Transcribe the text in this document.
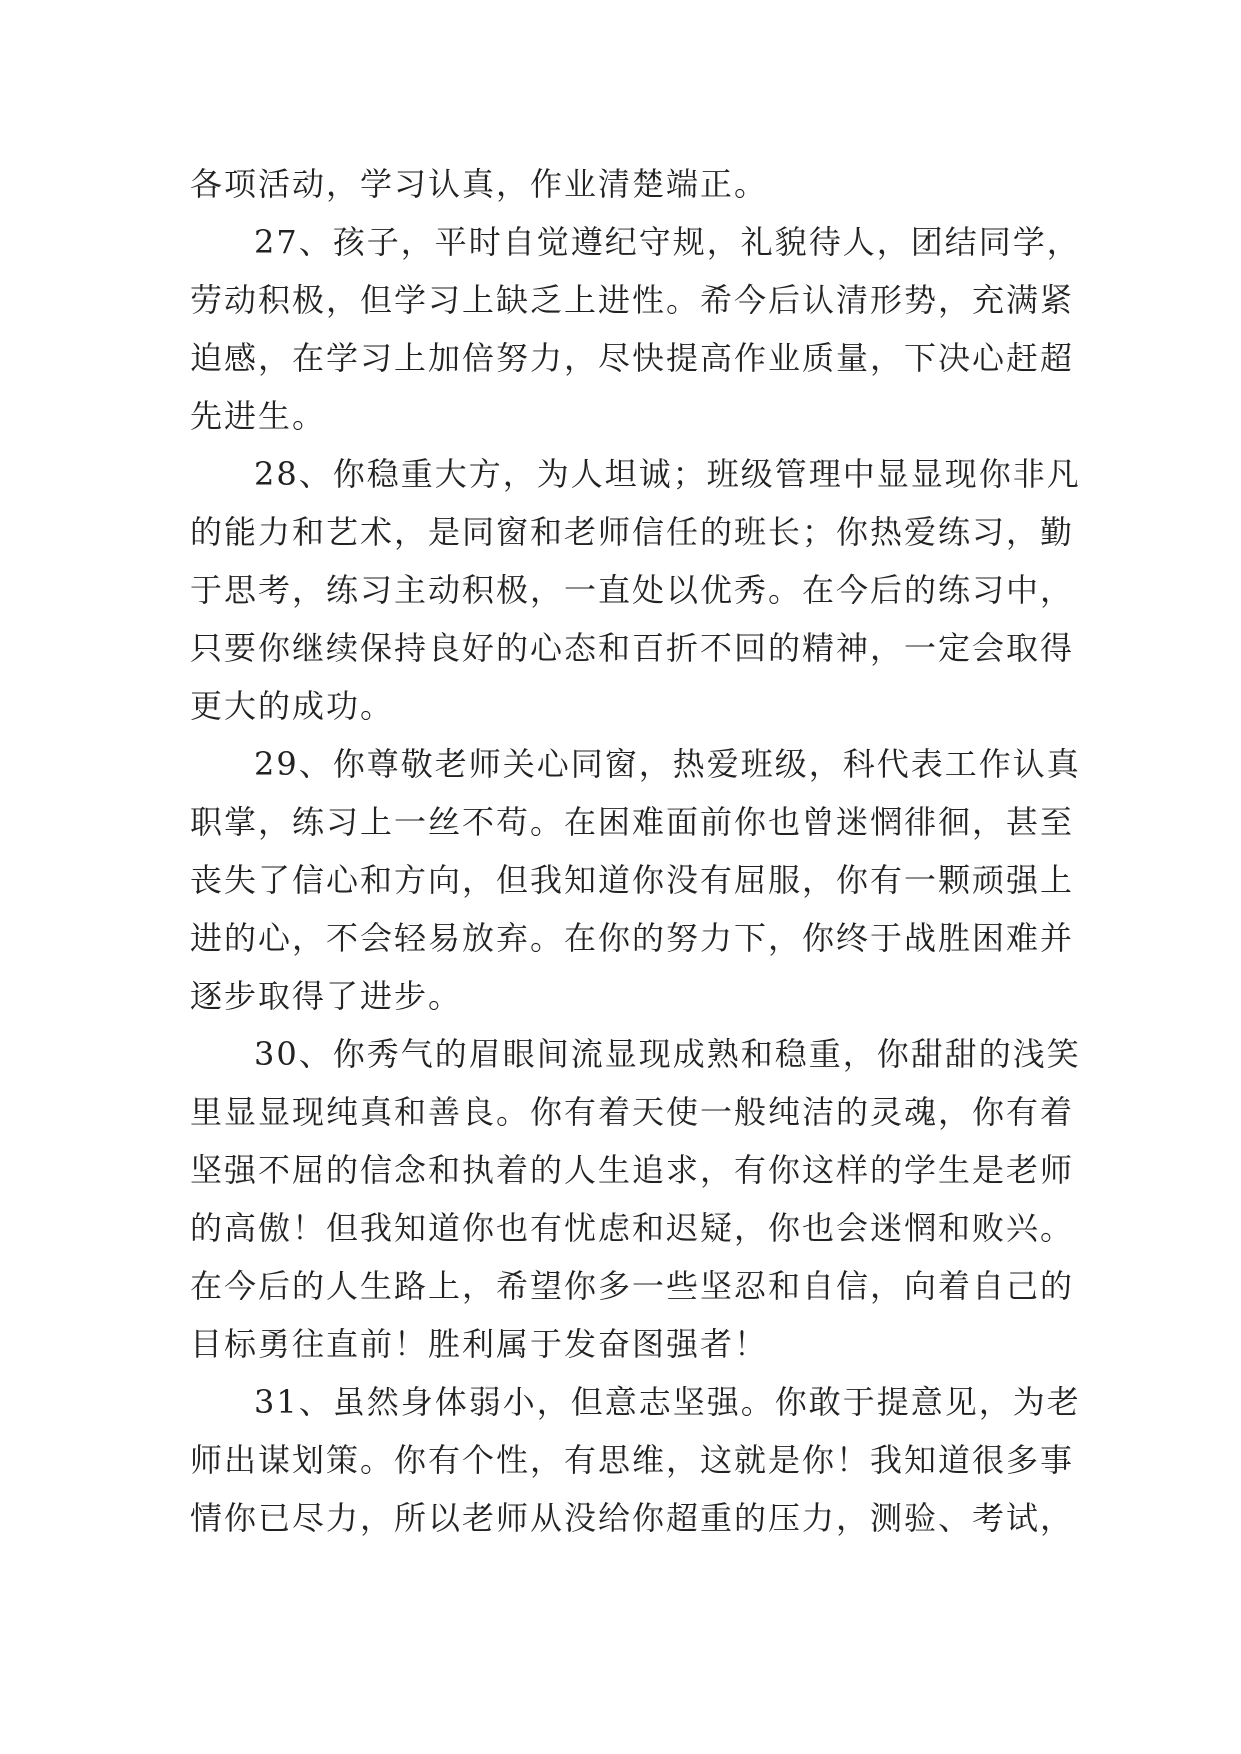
各项活动，学习认真，作业清楚端正。
27、孩子，平时自觉遵纪守规，礼貌待人，团结同学，
劳动积极，但学习上缺乏上进性。希今后认清形势，充满紧
迫感，在学习上加倍努力，尽快提高作业质量，下决心赶超
先进生。
28、你稳重大方，为人坦诚；班级管理中显显现你非凡
的能力和艺术，是同窗和老师信任的班长；你热爱练习，勤
于思考，练习主动积极，一直处以优秀。在今后的练习中，
只要你继续保持良好的心态和百折不回的精神，一定会取得
更大的成功。
29、你尊敬老师关心同窗，热爱班级，科代表工作认真
职掌，练习上一丝不苟。在困难面前你也曾迷惘徘徊，甚至
丧失了信心和方向，但我知道你没有屈服，你有一颗顽强上
进的心，不会轻易放弃。在你的努力下，你终于战胜困难并
逐步取得了进步。
30、你秀气的眉眼间流显现成熟和稳重，你甜甜的浅笑
里显显现纯真和善良。你有着天使一般纯洁的灵魂，你有着
坚强不屈的信念和执着的人生追求，有你这样的学生是老师
的高傲！但我知道你也有忧虑和迟疑，你也会迷惘和败兴。
在今后的人生路上，希望你多一些坚忍和自信，向着自己的
目标勇往直前！胜利属于发奋图强者！
31、虽然身体弱小，但意志坚强。你敢于提意见，为老
师出谋划策。你有个性，有思维，这就是你！我知道很多事
情你已尽力，所以老师从没给你超重的压力，测验、考试，
